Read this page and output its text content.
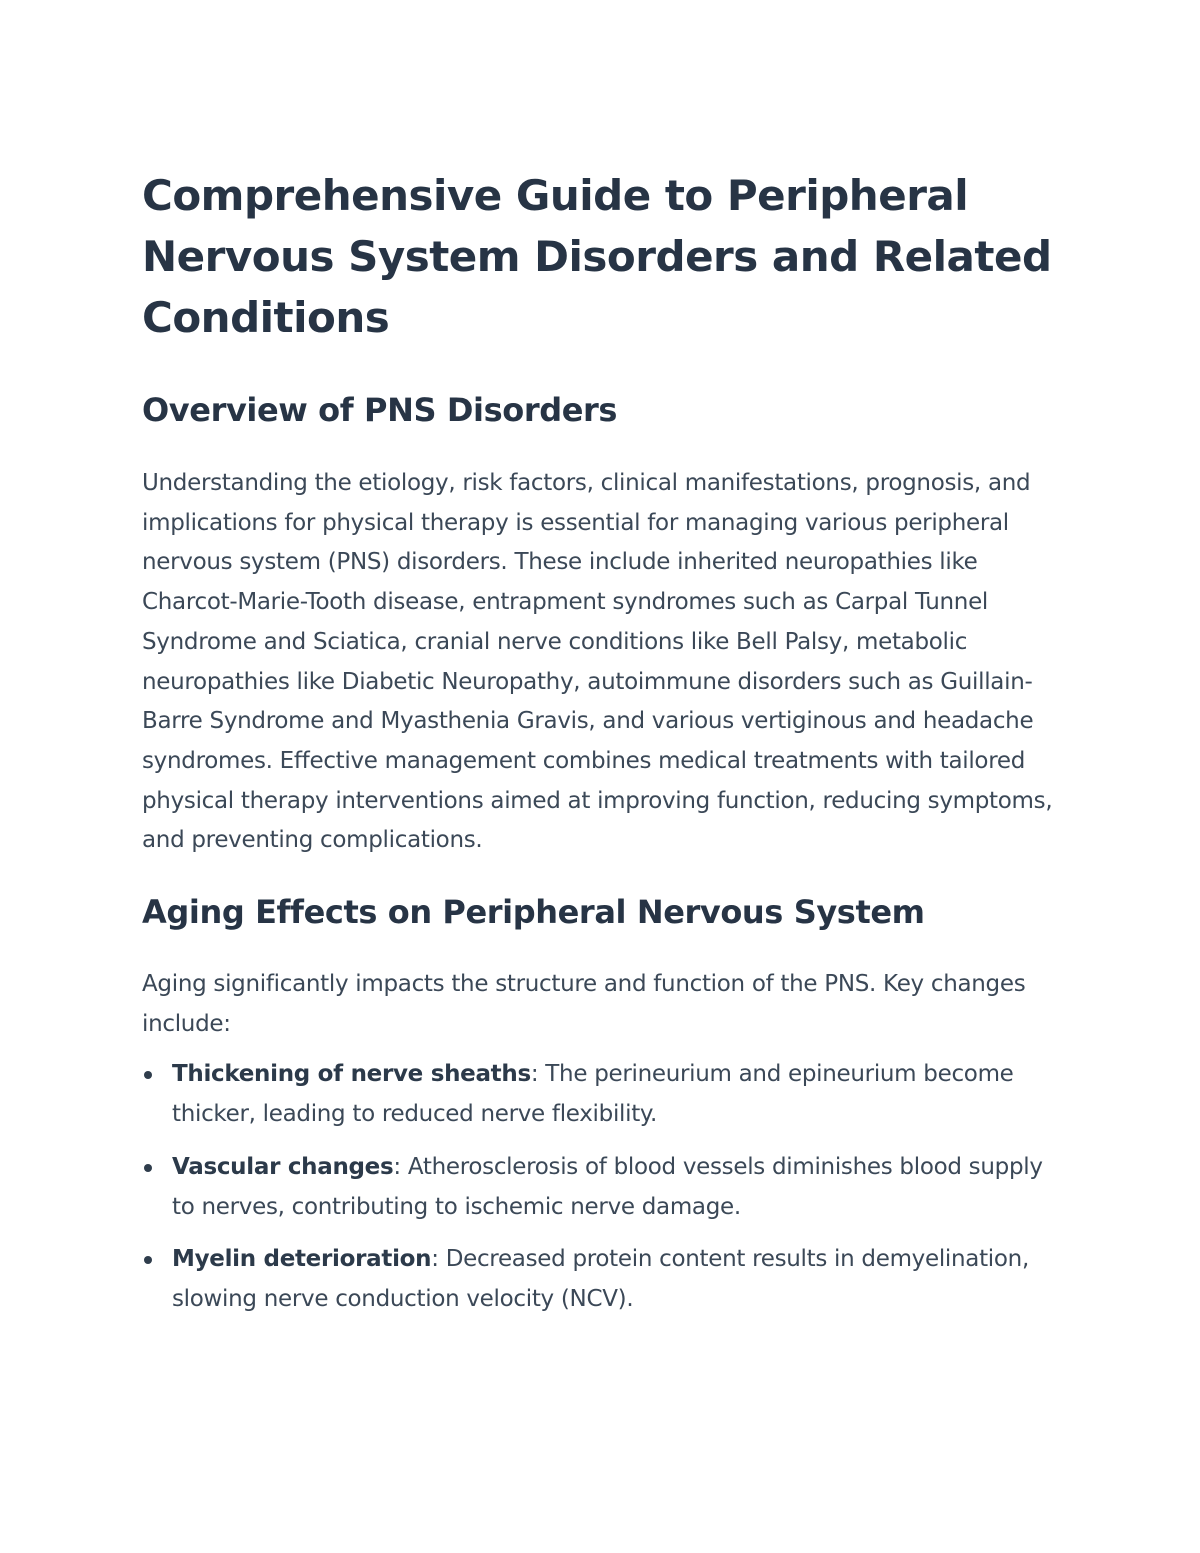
Comprehensive Guide to Peripheral Nervous System Disorders and Related Conditions
Overview of PNS Disorders

Understanding the etiology, risk factors, clinical manifestations, prognosis, and implications for physical therapy is essential for managing various peripheral nervous system (PNS) disorders. These include inherited neuropathies like Charcot-Marie-Tooth disease, entrapment syndromes such as Carpal Tunnel Syndrome and Sciatica, cranial nerve conditions like Bell Palsy, metabolic neuropathies like Diabetic Neuropathy, autoimmune disorders such as Guillain-Barre Syndrome and Myasthenia Gravis, and various vertiginous and headache syndromes. Effective management combines medical treatments with tailored physical therapy interventions aimed at improving function, reducing symptoms, and preventing complications.

Aging Effects on Peripheral Nervous System

Aging significantly impacts the structure and function of the PNS. Key changes include:

Thickening of nerve sheaths: The perineurium and epineurium become thicker, leading to reduced nerve flexibility.
Vascular changes: Atherosclerosis of blood vessels diminishes blood supply to nerves, contributing to ischemic nerve damage.
Myelin deterioration: Decreased protein content results in demyelination, slowing nerve conduction velocity (NCV).
